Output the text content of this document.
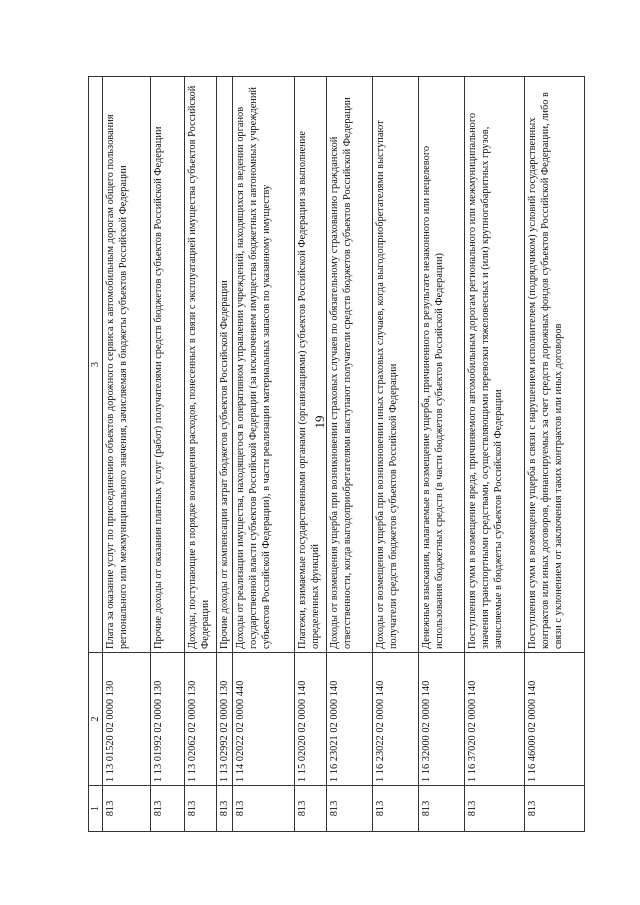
19
1	2	3
813	1 13 01520 02 0000 130	Плата за оказание услуг по присоединению объектов дорожного сервиса к автомобильным дорогам общего пользования регионального или межмуниципального значения, зачисляемая в бюджеты субъектов Российской Федерации
813	1 13 01992 02 0000 130	Прочие доходы от оказания платных услуг (работ) получателями средств бюджетов субъектов Российской Федерации
813	1 13 02062 02 0000 130	Доходы, поступающие в порядке возмещения расходов, понесенных в связи с эксплуатацией имущества субъектов Российской Федерации
813	1 13 02992 02 0000 130	Прочие доходы от компенсации затрат бюджетов субъектов Российской Федерации
813	1 14 02022 02 0000 440	Доходы от реализации имущества, находящегося в оперативном управлении учреждений, находящихся в ведении органов государственной власти субъектов Российской Федерации (за исключением имущества бюджетных и автономных учреждений субъектов Российской Федерации), в части реализации материальных запасов по указанному имуществу
813	1 15 02020 02 0000 140	Платежи, взимаемые государственными органами (организациями) субъектов Российской Федерации за выполнение определенных функций
813	1 16 23021 02 0000 140	Доходы от возмещения ущерба при возникновении страховых случаев по обязательному страхованию гражданской ответственности, когда выгодоприобретателями выступают получатели средств бюджетов субъектов Российской Федерации
813	1 16 23022 02 0000 140	Доходы от возмещения ущерба при возникновении иных страховых случаев, когда выгодоприобретателями выступают получатели средств бюджетов субъектов Российской Федерации
813	1 16 32000 02 0000 140	Денежные взыскания, налагаемые в возмещение ущерба, причиненного в результате незаконного или нецелевого использования бюджетных средств (в части бюджетов субъектов Российской Федерации)
813	1 16 37020 02 0000 140	Поступления сумм в возмещение вреда, причиняемого автомобильным дорогам регионального или межмуниципального значения транспортными средствами, осуществляющими перевозки тяжеловесных и (или) крупногабаритных грузов, зачисляемые в бюджеты субъектов Российской Федерации
813	1 16 46000 02 0000 140	Поступления сумм в возмещение ущерба в связи с нарушением исполнителем (подрядчиком) условий государственных контрактов или иных договоров, финансируемых за счет средств дорожных фондов субъектов Российской Федерации, либо в связи с уклонением от заключения таких контрактов или иных договоров
